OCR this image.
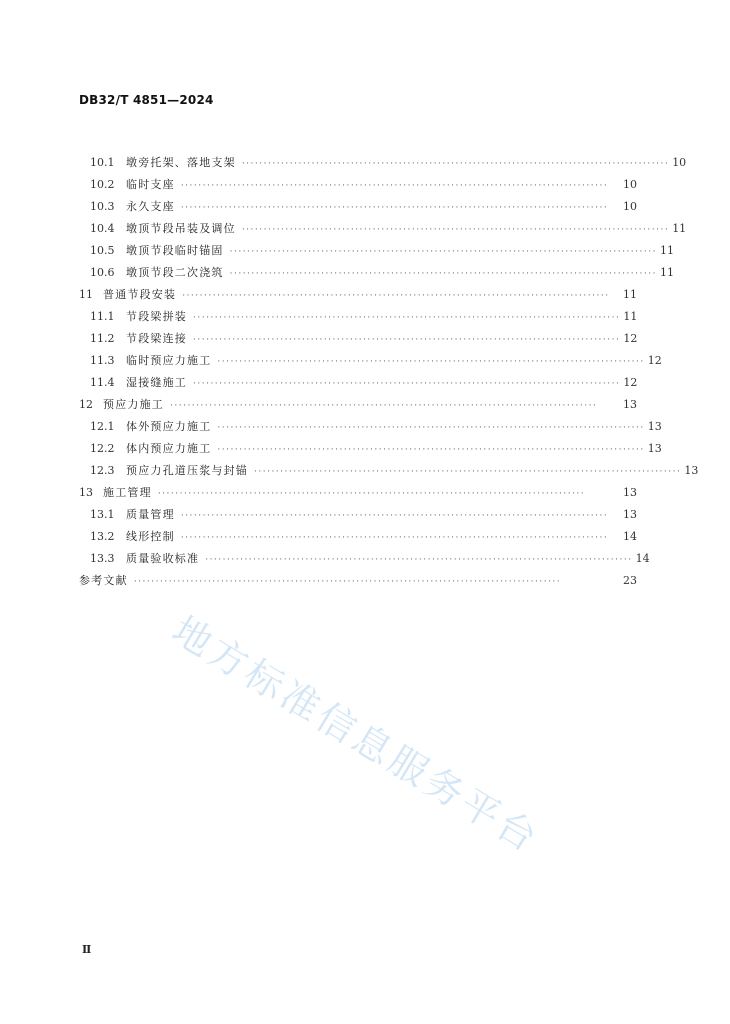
DB32/T 4851—2024
10.1	墩旁托架、落地支架 ·································································································· 10
10.2	临时支座 ··································································································	10
10.3	永久支座 ··································································································	10
10.4	墩顶节段吊装及调位 ·································································································· 11
10.5	墩顶节段临时锚固 ·································································································· 11
10.6	墩顶节段二次浇筑 ·································································································· 11
11 普通节段安装 ··································································································	11
11.1	节段梁拼装 ·································································································· 11
11.2	节段梁连接 ·································································································· 12
11.3	临时预应力施工 ·································································································· 12
11.4	湿接缝施工 ·································································································· 12
12 预应力施工 ··································································································	13
12.1	体外预应力施工 ·································································································· 13
12.2	体内预应力施工 ·································································································· 13
12.3	预应力孔道压浆与封锚 ·································································································· 13
13 施工管理 ··································································································	13
13.1	质量管理 ··································································································	13
13.2	线形控制 ··································································································	14
13.3	质量验收标准 ·································································································· 14
参考文献 ··································································································	23
地方标准信息服务平台
Ⅱ
